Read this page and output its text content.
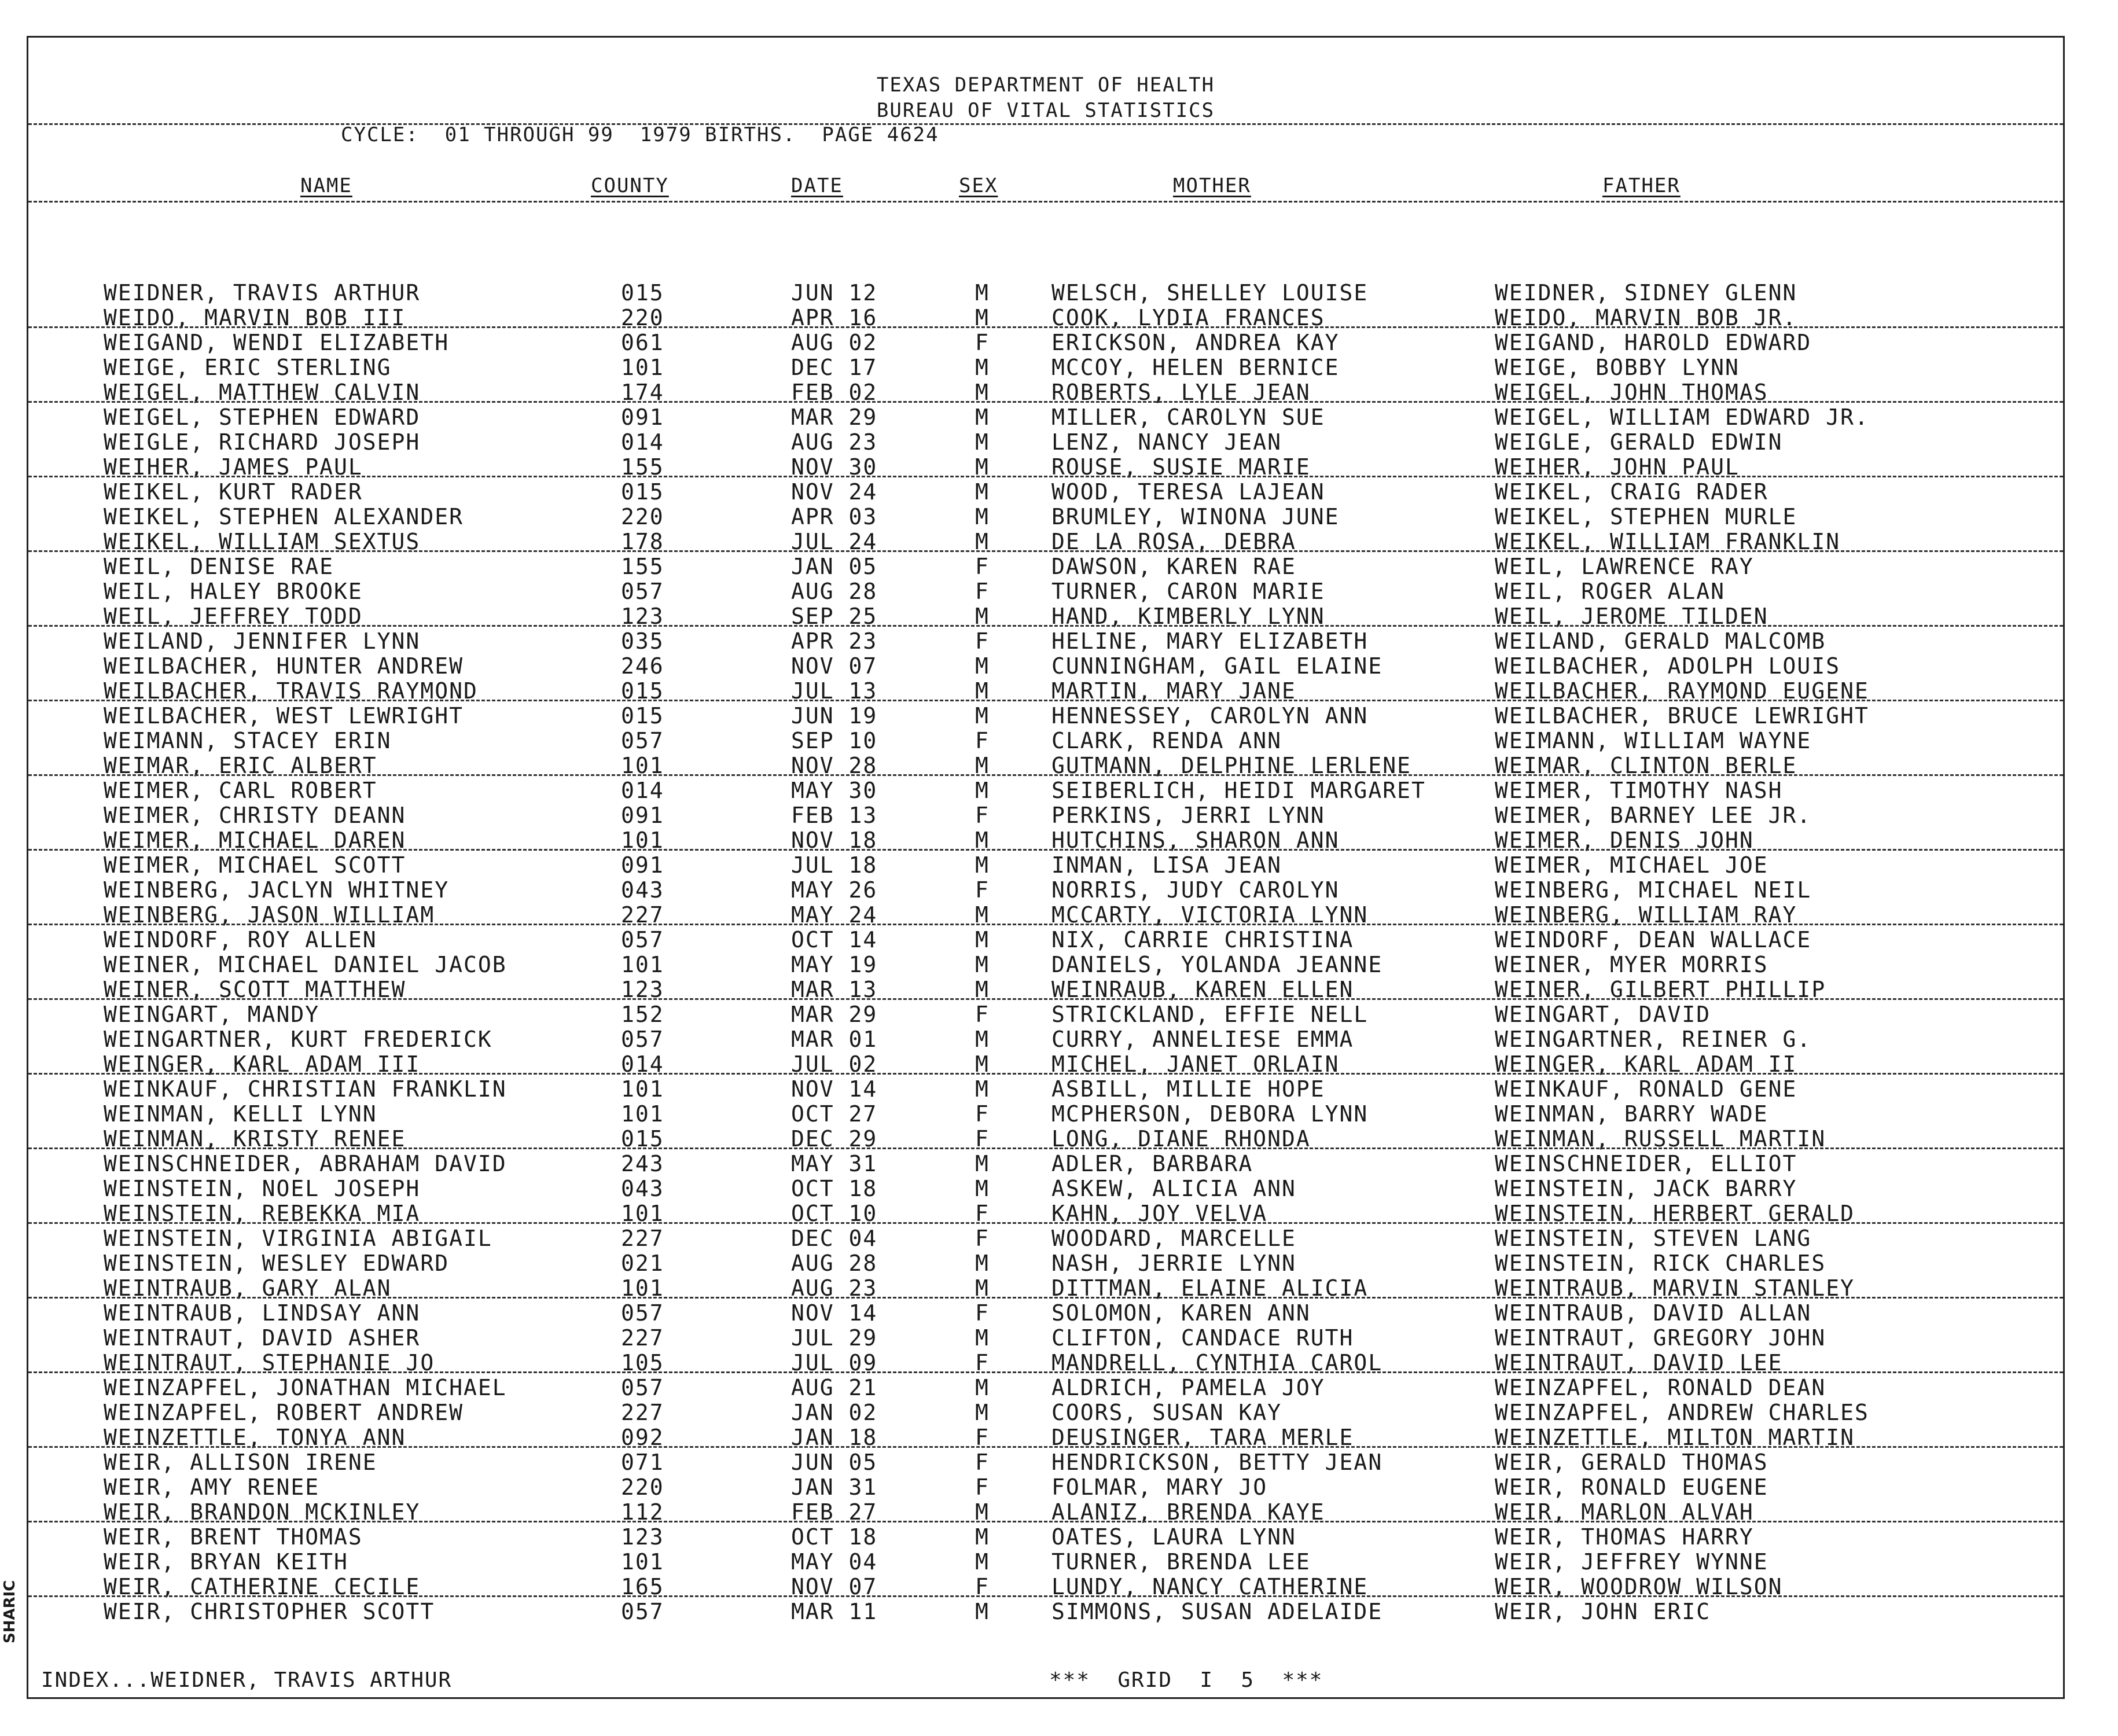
SHARIC
TEXAS DEPARTMENT OF HEALTH
BUREAU OF VITAL STATISTICS
CYCLE:  01 THROUGH 99  1979 BIRTHS.  PAGE 4624
NAME	COUNTY	DATE	SEX	MOTHER	FATHER
WEIDNER, TRAVIS ARTHUR	015	JUN 12	M	WELSCH, SHELLEY LOUISE	WEIDNER, SIDNEY GLENN
WEIDO, MARVIN BOB III	220	APR 16	M	COOK, LYDIA FRANCES	WEIDO, MARVIN BOB JR.
WEIGAND, WENDI ELIZABETH	061	AUG 02	F	ERICKSON, ANDREA KAY	WEIGAND, HAROLD EDWARD
WEIGE, ERIC STERLING	101	DEC 17	M	MCCOY, HELEN BERNICE	WEIGE, BOBBY LYNN
WEIGEL, MATTHEW CALVIN	174	FEB 02	M	ROBERTS, LYLE JEAN	WEIGEL, JOHN THOMAS
WEIGEL, STEPHEN EDWARD	091	MAR 29	M	MILLER, CAROLYN SUE	WEIGEL, WILLIAM EDWARD JR.
WEIGLE, RICHARD JOSEPH	014	AUG 23	M	LENZ, NANCY JEAN	WEIGLE, GERALD EDWIN
WEIHER, JAMES PAUL	155	NOV 30	M	ROUSE, SUSIE MARIE	WEIHER, JOHN PAUL
WEIKEL, KURT RADER	015	NOV 24	M	WOOD, TERESA LAJEAN	WEIKEL, CRAIG RADER
WEIKEL, STEPHEN ALEXANDER	220	APR 03	M	BRUMLEY, WINONA JUNE	WEIKEL, STEPHEN MURLE
WEIKEL, WILLIAM SEXTUS	178	JUL 24	M	DE LA ROSA, DEBRA	WEIKEL, WILLIAM FRANKLIN
WEIL, DENISE RAE	155	JAN 05	F	DAWSON, KAREN RAE	WEIL, LAWRENCE RAY
WEIL, HALEY BROOKE	057	AUG 28	F	TURNER, CARON MARIE	WEIL, ROGER ALAN
WEIL, JEFFREY TODD	123	SEP 25	M	HAND, KIMBERLY LYNN	WEIL, JEROME TILDEN
WEILAND, JENNIFER LYNN	035	APR 23	F	HELINE, MARY ELIZABETH	WEILAND, GERALD MALCOMB
WEILBACHER, HUNTER ANDREW	246	NOV 07	M	CUNNINGHAM, GAIL ELAINE	WEILBACHER, ADOLPH LOUIS
WEILBACHER, TRAVIS RAYMOND	015	JUL 13	M	MARTIN, MARY JANE	WEILBACHER, RAYMOND EUGENE
WEILBACHER, WEST LEWRIGHT	015	JUN 19	M	HENNESSEY, CAROLYN ANN	WEILBACHER, BRUCE LEWRIGHT
WEIMANN, STACEY ERIN	057	SEP 10	F	CLARK, RENDA ANN	WEIMANN, WILLIAM WAYNE
WEIMAR, ERIC ALBERT	101	NOV 28	M	GUTMANN, DELPHINE LERLENE	WEIMAR, CLINTON BERLE
WEIMER, CARL ROBERT	014	MAY 30	M	SEIBERLICH, HEIDI MARGARET	WEIMER, TIMOTHY NASH
WEIMER, CHRISTY DEANN	091	FEB 13	F	PERKINS, JERRI LYNN	WEIMER, BARNEY LEE JR.
WEIMER, MICHAEL DAREN	101	NOV 18	M	HUTCHINS, SHARON ANN	WEIMER, DENIS JOHN
WEIMER, MICHAEL SCOTT	091	JUL 18	M	INMAN, LISA JEAN	WEIMER, MICHAEL JOE
WEINBERG, JACLYN WHITNEY	043	MAY 26	F	NORRIS, JUDY CAROLYN	WEINBERG, MICHAEL NEIL
WEINBERG, JASON WILLIAM	227	MAY 24	M	MCCARTY, VICTORIA LYNN	WEINBERG, WILLIAM RAY
WEINDORF, ROY ALLEN	057	OCT 14	M	NIX, CARRIE CHRISTINA	WEINDORF, DEAN WALLACE
WEINER, MICHAEL DANIEL JACOB	101	MAY 19	M	DANIELS, YOLANDA JEANNE	WEINER, MYER MORRIS
WEINER, SCOTT MATTHEW	123	MAR 13	M	WEINRAUB, KAREN ELLEN	WEINER, GILBERT PHILLIP
WEINGART, MANDY	152	MAR 29	F	STRICKLAND, EFFIE NELL	WEINGART, DAVID
WEINGARTNER, KURT FREDERICK	057	MAR 01	M	CURRY, ANNELIESE EMMA	WEINGARTNER, REINER G.
WEINGER, KARL ADAM III	014	JUL 02	M	MICHEL, JANET ORLAIN	WEINGER, KARL ADAM II
WEINKAUF, CHRISTIAN FRANKLIN	101	NOV 14	M	ASBILL, MILLIE HOPE	WEINKAUF, RONALD GENE
WEINMAN, KELLI LYNN	101	OCT 27	F	MCPHERSON, DEBORA LYNN	WEINMAN, BARRY WADE
WEINMAN, KRISTY RENEE	015	DEC 29	F	LONG, DIANE RHONDA	WEINMAN, RUSSELL MARTIN
WEINSCHNEIDER, ABRAHAM DAVID	243	MAY 31	M	ADLER, BARBARA	WEINSCHNEIDER, ELLIOT
WEINSTEIN, NOEL JOSEPH	043	OCT 18	M	ASKEW, ALICIA ANN	WEINSTEIN, JACK BARRY
WEINSTEIN, REBEKKA MIA	101	OCT 10	F	KAHN, JOY VELVA	WEINSTEIN, HERBERT GERALD
WEINSTEIN, VIRGINIA ABIGAIL	227	DEC 04	F	WOODARD, MARCELLE	WEINSTEIN, STEVEN LANG
WEINSTEIN, WESLEY EDWARD	021	AUG 28	M	NASH, JERRIE LYNN	WEINSTEIN, RICK CHARLES
WEINTRAUB, GARY ALAN	101	AUG 23	M	DITTMAN, ELAINE ALICIA	WEINTRAUB, MARVIN STANLEY
WEINTRAUB, LINDSAY ANN	057	NOV 14	F	SOLOMON, KAREN ANN	WEINTRAUB, DAVID ALLAN
WEINTRAUT, DAVID ASHER	227	JUL 29	M	CLIFTON, CANDACE RUTH	WEINTRAUT, GREGORY JOHN
WEINTRAUT, STEPHANIE JO	105	JUL 09	F	MANDRELL, CYNTHIA CAROL	WEINTRAUT, DAVID LEE
WEINZAPFEL, JONATHAN MICHAEL	057	AUG 21	M	ALDRICH, PAMELA JOY	WEINZAPFEL, RONALD DEAN
WEINZAPFEL, ROBERT ANDREW	227	JAN 02	M	COORS, SUSAN KAY	WEINZAPFEL, ANDREW CHARLES
WEINZETTLE, TONYA ANN	092	JAN 18	F	DEUSINGER, TARA MERLE	WEINZETTLE, MILTON MARTIN
WEIR, ALLISON IRENE	071	JUN 05	F	HENDRICKSON, BETTY JEAN	WEIR, GERALD THOMAS
WEIR, AMY RENEE	220	JAN 31	F	FOLMAR, MARY JO	WEIR, RONALD EUGENE
WEIR, BRANDON MCKINLEY	112	FEB 27	M	ALANIZ, BRENDA KAYE	WEIR, MARLON ALVAH
WEIR, BRENT THOMAS	123	OCT 18	M	OATES, LAURA LYNN	WEIR, THOMAS HARRY
WEIR, BRYAN KEITH	101	MAY 04	M	TURNER, BRENDA LEE	WEIR, JEFFREY WYNNE
WEIR, CATHERINE CECILE	165	NOV 07	F	LUNDY, NANCY CATHERINE	WEIR, WOODROW WILSON
WEIR, CHRISTOPHER SCOTT	057	MAR 11	M	SIMMONS, SUSAN ADELAIDE	WEIR, JOHN ERIC
INDEX...WEIDNER, TRAVIS ARTHUR	***  GRID  I  5  ***
